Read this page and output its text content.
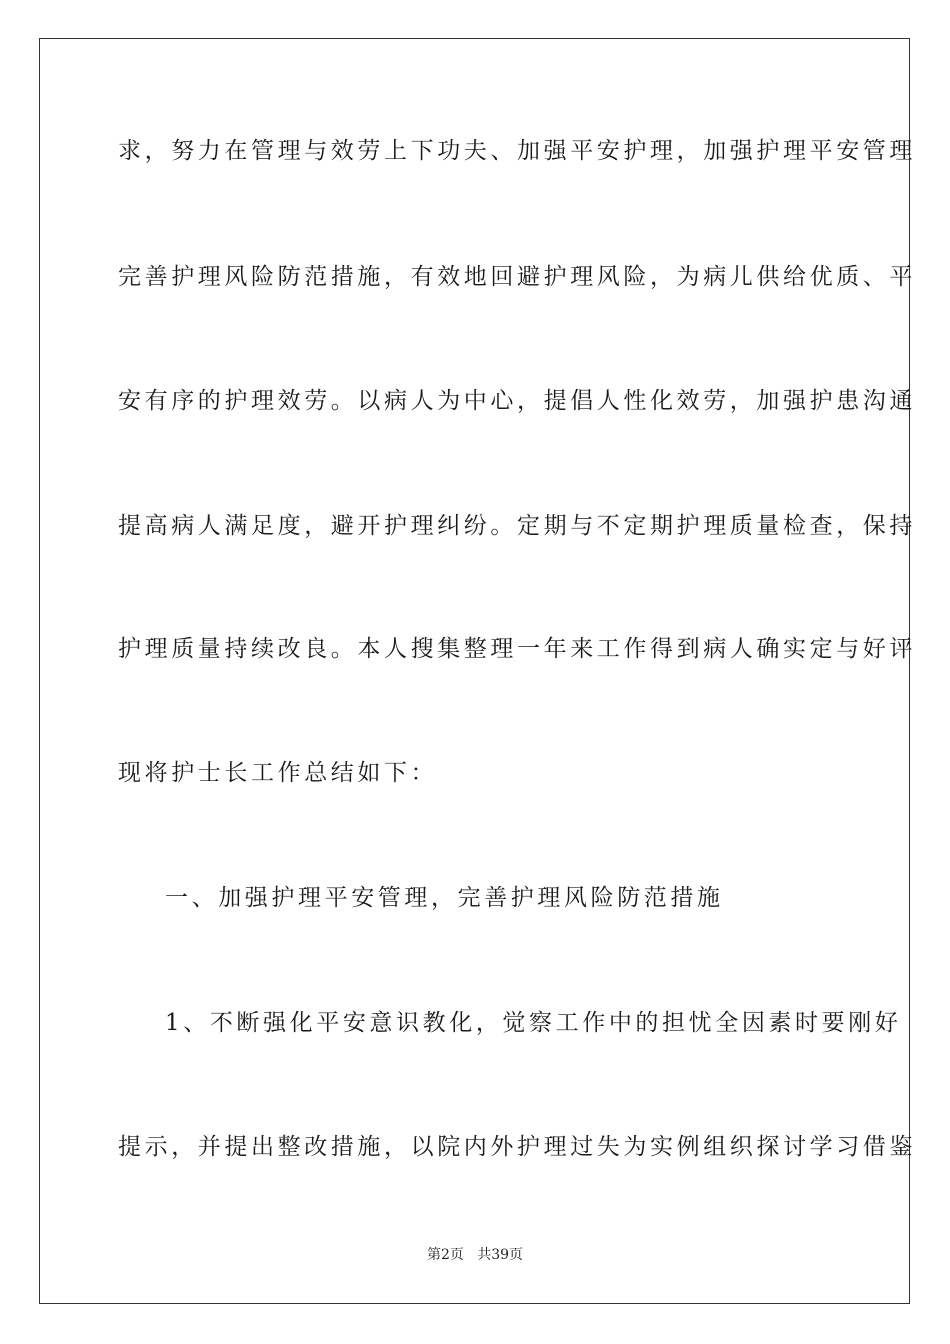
求，努力在管理与效劳上下功夫、加强平安护理，加强护理平安管理
完善护理风险防范措施，有效地回避护理风险，为病儿供给优质、平
安有序的护理效劳。以病人为中心，提倡人性化效劳，加强护患沟通
提高病人满足度，避开护理纠纷。定期与不定期护理质量检查，保持
护理质量持续改良。本人搜集整理一年来工作得到病人确实定与好评
现将护士长工作总结如下：
一、加强护理平安管理，完善护理风险防范措施
1、不断强化平安意识教化，觉察工作中的担忧全因素时要刚好
提示，并提出整改措施，以院内外护理过失为实例组织探讨学习借鉴
第2页   共39页
